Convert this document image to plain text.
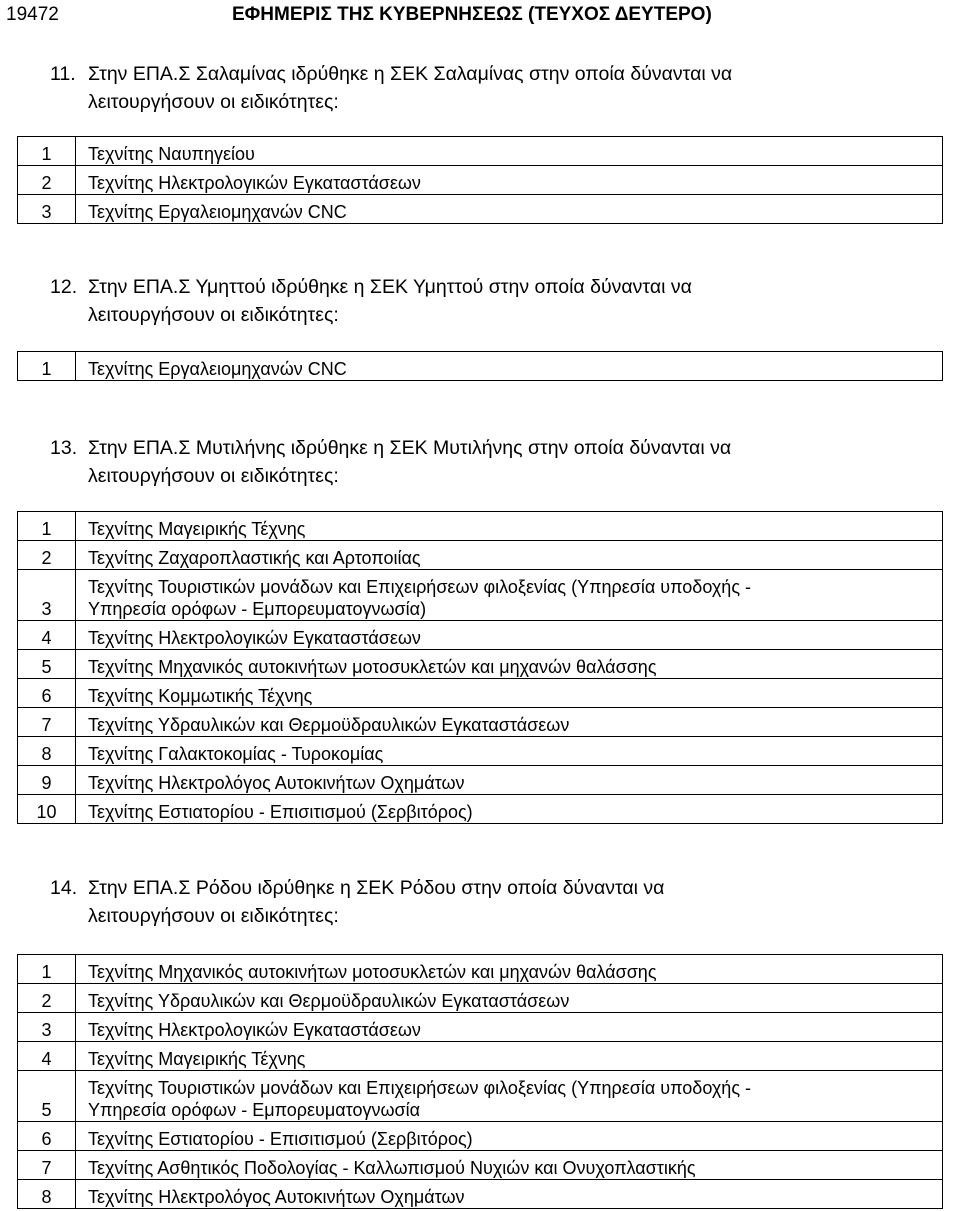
19472	ΕΦΗΜΕΡΙΣ ΤΗΣ ΚΥΒΕΡΝΗΣΕΩΣ (ΤΕΥΧΟΣ ΔΕΥΤΕΡΟ)
11. Στην ΕΠΑ.Σ Σαλαμίνας ιδρύθηκε η ΣΕΚ Σαλαμίνας στην οποία δύνανται να
λειτουργήσουν οι ειδικότητες:
1	Τεχνίτης Ναυπηγείου
2	Τεχνίτης Ηλεκτρολογικών Εγκαταστάσεων
3	Τεχνίτης Εργαλειομηχανών CNC
12. Στην ΕΠΑ.Σ Υμηττού ιδρύθηκε η ΣΕΚ Υμηττού στην οποία δύνανται να
λειτουργήσουν οι ειδικότητες:
1	Τεχνίτης Εργαλειομηχανών CNC
13. Στην ΕΠΑ.Σ Μυτιλήνης ιδρύθηκε η ΣΕΚ Μυτιλήνης στην οποία δύνανται να
λειτουργήσουν οι ειδικότητες:
1	Τεχνίτης Μαγειρικής Τέχνης
2	Τεχνίτης Ζαχαροπλαστικής και Αρτοποιίας
3	Τεχνίτης Τουριστικών μονάδων και Επιχειρήσεων φιλοξενίας (Υπηρεσία υποδοχής -
Υπηρεσία ορόφων - Εμπορευματογνωσία)

4	Τεχνίτης Ηλεκτρολογικών Εγκαταστάσεων
5	Τεχνίτης Μηχανικός αυτοκινήτων μοτοσυκλετών και μηχανών θαλάσσης
6	Τεχνίτης Κομμωτικής Τέχνης
7	Τεχνίτης Υδραυλικών και Θερμοϋδραυλικών Εγκαταστάσεων
8	Τεχνίτης Γαλακτοκομίας - Τυροκομίας
9	Τεχνίτης Ηλεκτρολόγος Αυτοκινήτων Οχημάτων
10	Τεχνίτης Εστιατορίου - Επισιτισμού (Σερβιτόρος)
14. Στην ΕΠΑ.Σ Ρόδου ιδρύθηκε η ΣΕΚ Ρόδου στην οποία δύνανται να
λειτουργήσουν οι ειδικότητες:
1	Τεχνίτης Μηχανικός αυτοκινήτων μοτοσυκλετών και μηχανών θαλάσσης
2	Τεχνίτης Υδραυλικών και Θερμοϋδραυλικών Εγκαταστάσεων
3	Τεχνίτης Ηλεκτρολογικών Εγκαταστάσεων
4	Τεχνίτης Μαγειρικής Τέχνης
5	Τεχνίτης Τουριστικών μονάδων και Επιχειρήσεων φιλοξενίας (Υπηρεσία υποδοχής -
Υπηρεσία ορόφων - Εμπορευματογνωσία

6	Τεχνίτης Εστιατορίου - Επισιτισμού (Σερβιτόρος)
7	Τεχνίτης Ασθητικός Ποδολογίας - Καλλωπισμού Νυχιών και Ονυχοπλαστικής
8	Τεχνίτης Ηλεκτρολόγος Αυτοκινήτων Οχημάτων
